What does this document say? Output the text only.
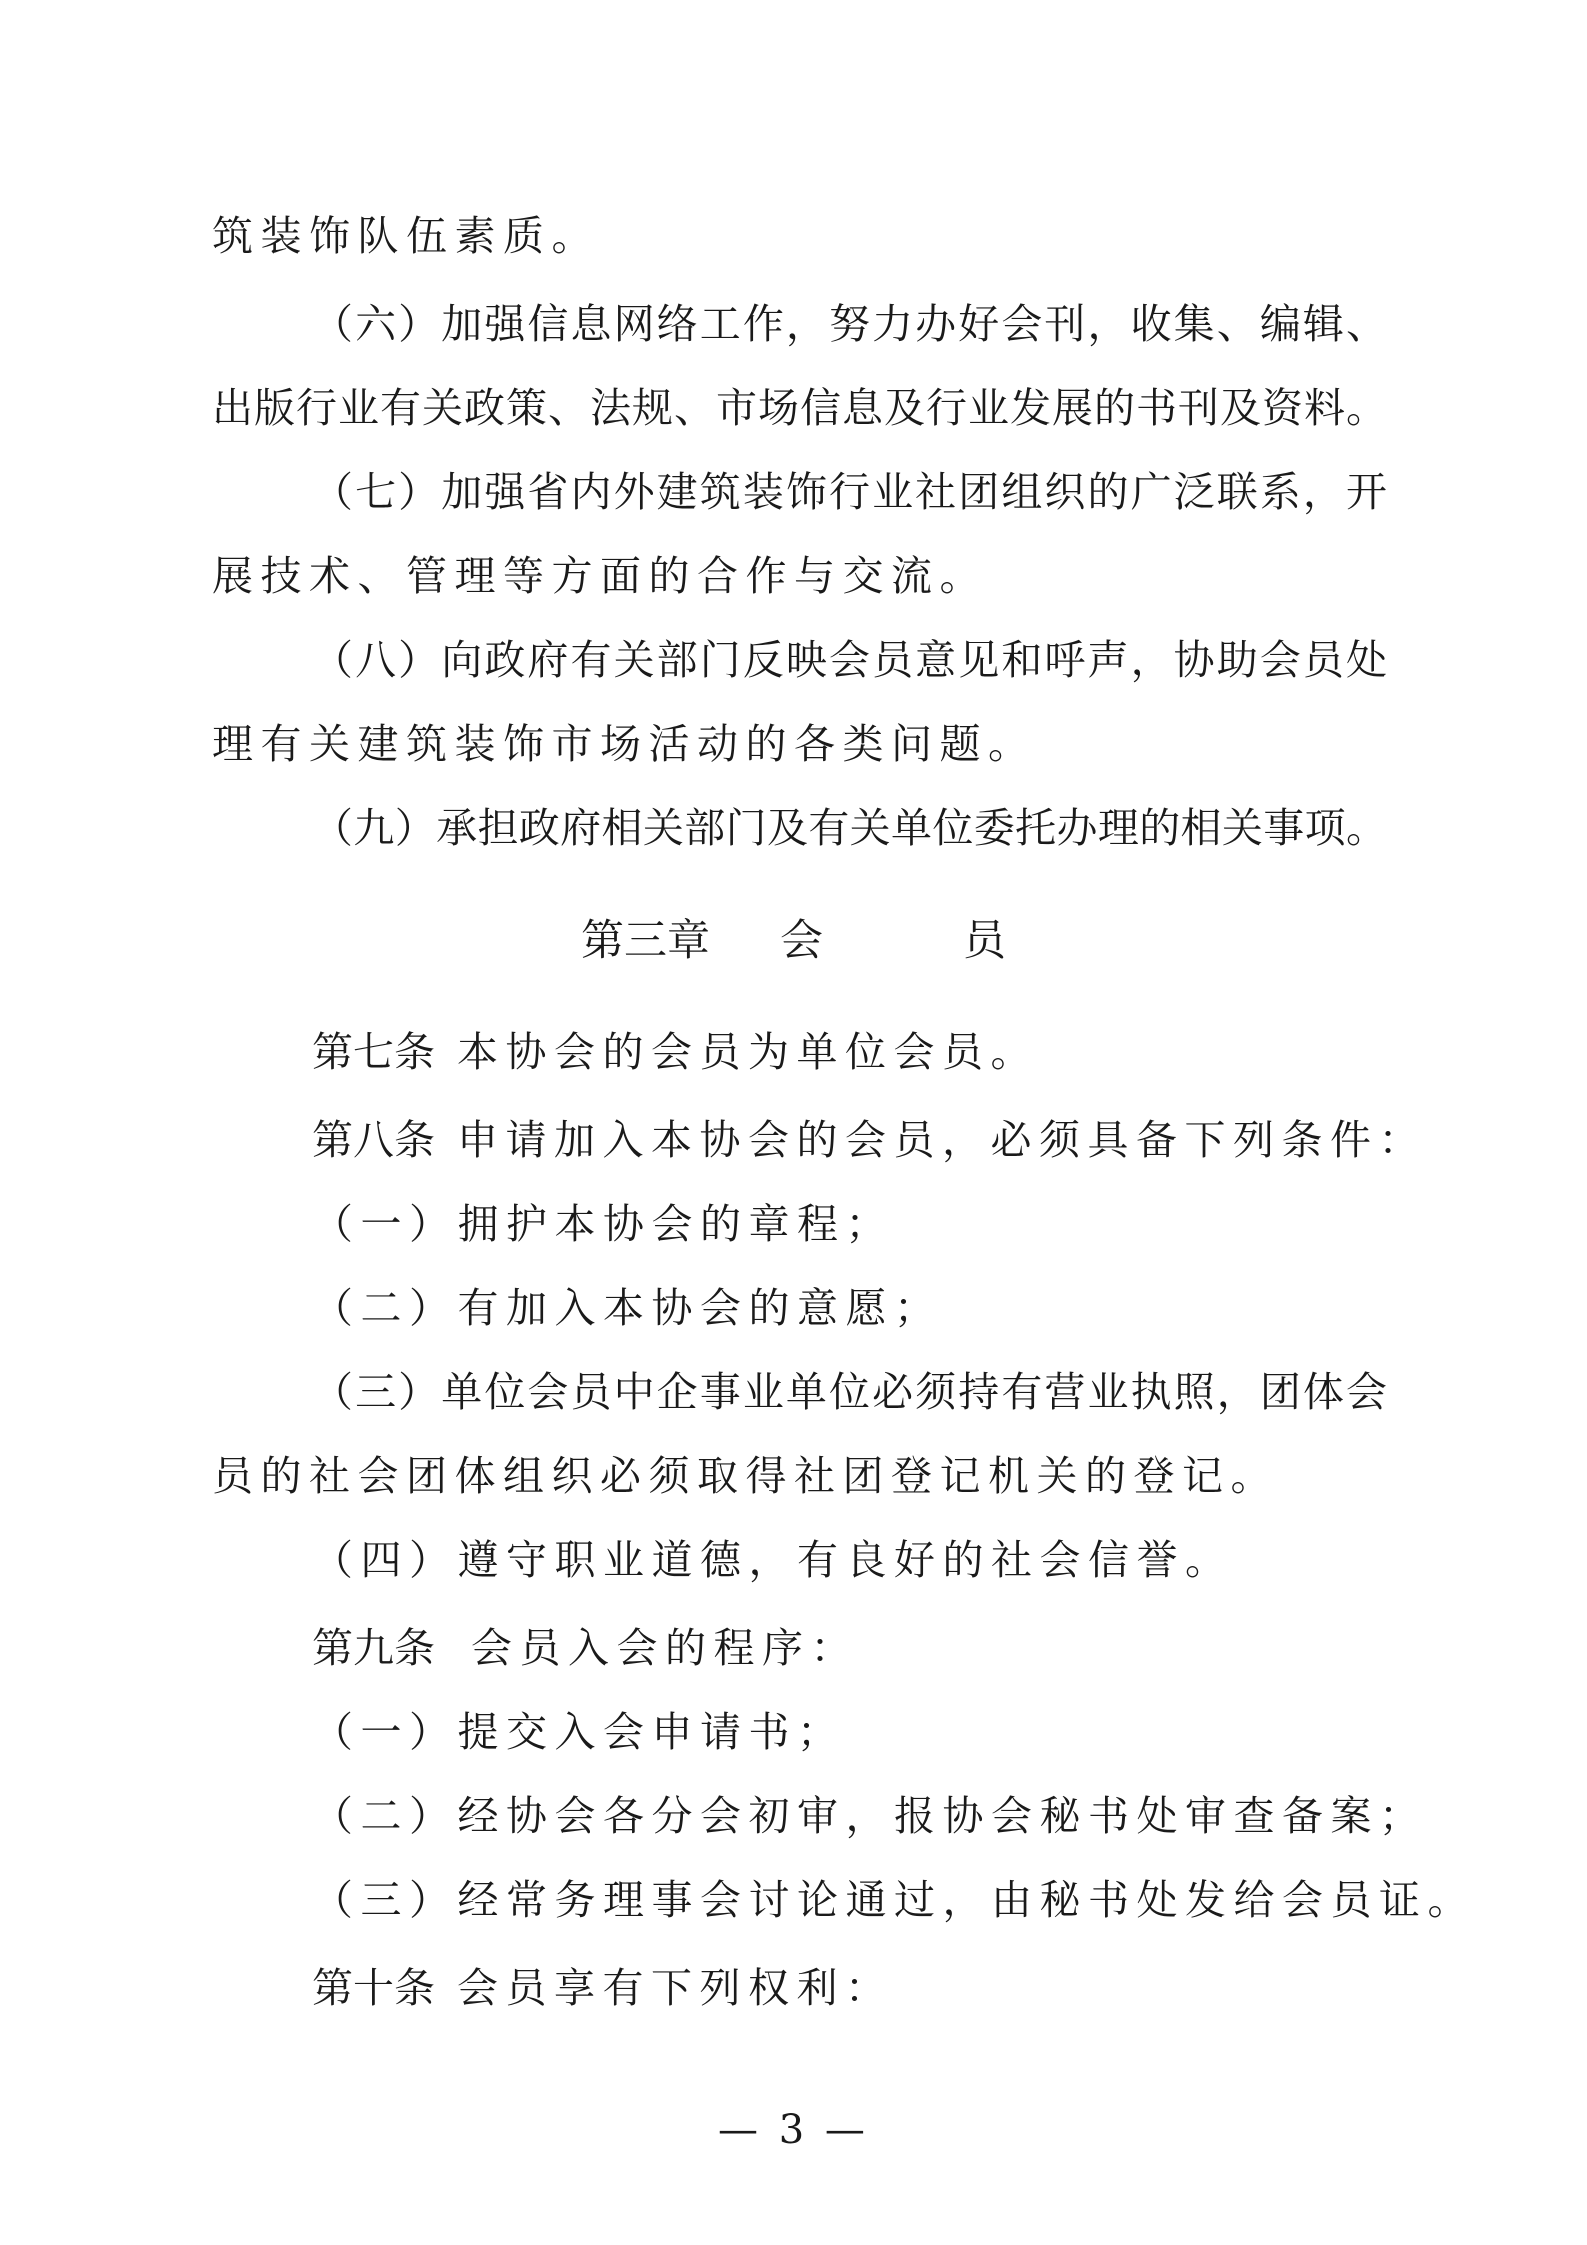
筑装饰队伍素质。
（六）加强信息网络工作，努力办好会刊，收集、编辑、
出版行业有关政策、法规、市场信息及行业发展的书刊及资料。
（七）加强省内外建筑装饰行业社团组织的广泛联系，开
展技术、管理等方面的合作与交流。
（八）向政府有关部门反映会员意见和呼声，协助会员处
理有关建筑装饰市场活动的各类问题。
（九）承担政府相关部门及有关单位委托办理的相关事项。
第三章 会	员
第七条 本协会的会员为单位会员。
第八条 申请加入本协会的会员，必须具备下列条件：
（一）拥护本协会的章程；
（二）有加入本协会的意愿；
（三）单位会员中企事业单位必须持有营业执照，团体会
员的社会团体组织必须取得社团登记机关的登记。
（四）遵守职业道德，有良好的社会信誉。
第九条 会员入会的程序：
（一）提交入会申请书；
（二）经协会各分会初审，报协会秘书处审查备案；
（三）经常务理事会讨论通过，由秘书处发给会员证。
第十条 会员享有下列权利：
— 3 —
